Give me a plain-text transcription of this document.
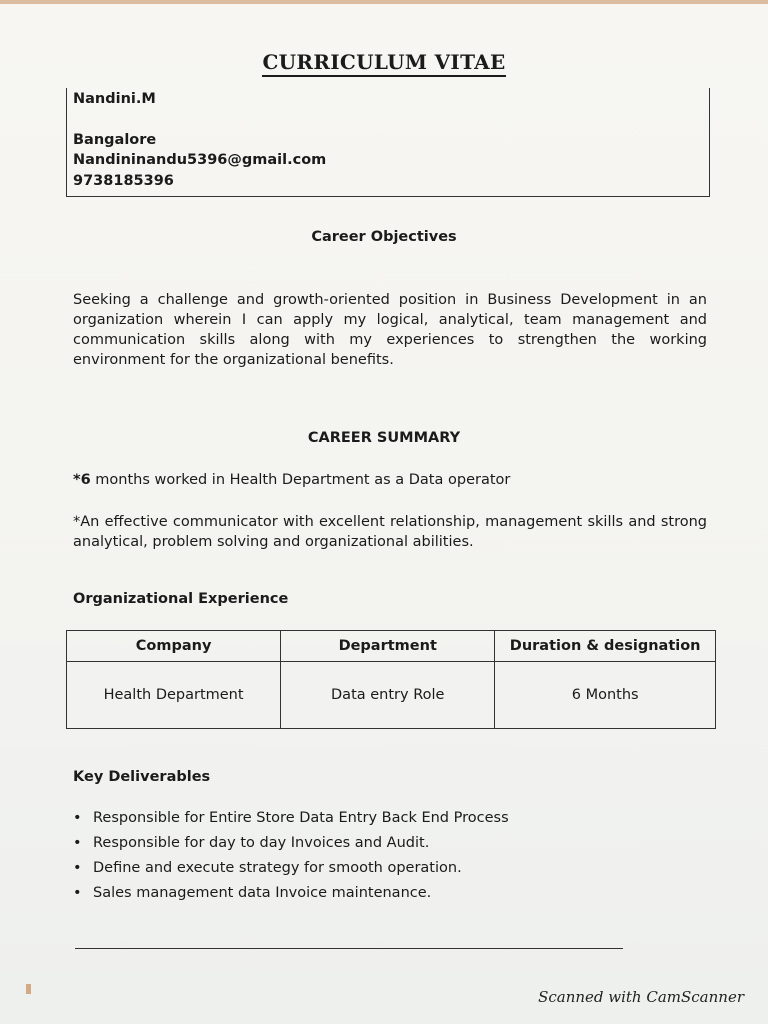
CURRICULUM VITAE
Nandini.M
Bangalore
Nandininandu5396@gmail.com
9738185396
Career Objectives
Seeking a challenge and growth-oriented position in Business Development in an organization wherein I can apply my logical, analytical, team management and communication skills along with my experiences to strengthen the working environment for the organizational benefits.
CAREER SUMMARY
*6 months worked in Health Department as a Data operator
*An effective communicator with excellent relationship, management skills and strong analytical, problem solving and organizational abilities.
Organizational Experience
Company	Department	Duration & designation
Health Department	Data entry Role	6 Months
Key Deliverables
• Responsible for Entire Store Data Entry Back End Process
• Responsible for day to day Invoices and Audit.
• Define and execute strategy for smooth operation.
• Sales management data Invoice maintenance.
Scanned with CamScanner
